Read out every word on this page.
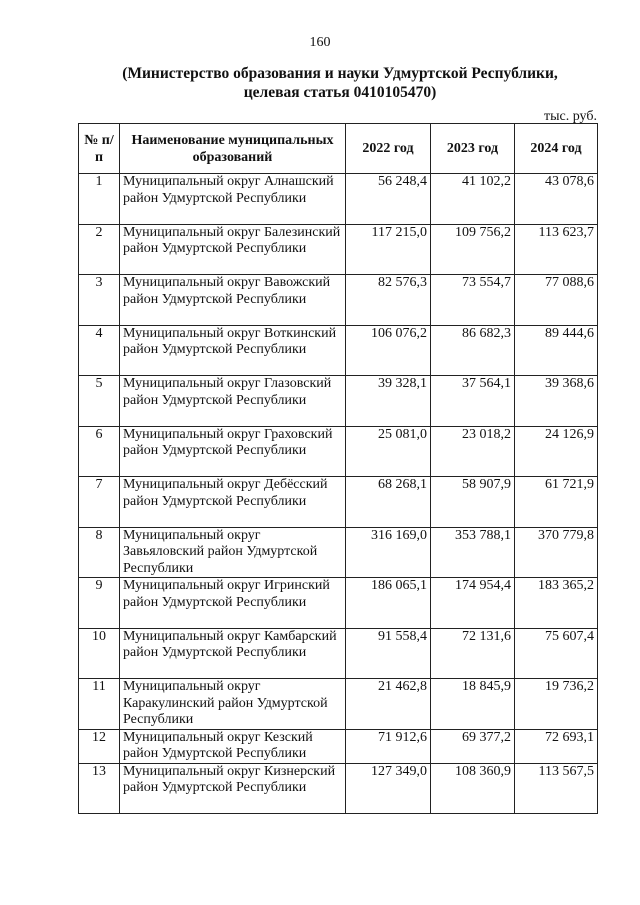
160
(Министерство образования и науки Удмуртской Республики,
целевая статья 0410105470)
тыс. руб.
№ п/п	Наименование муниципальных образований	2022 год	2023 год	2024 год
1	Муниципальный округ Алнашский район Удмуртской Республики	56 248,4	41 102,2	43 078,6
2	Муниципальный округ Балезинский район Удмуртской Республики	117 215,0	109 756,2	113 623,7
3	Муниципальный округ Вавожский район Удмуртской Республики	82 576,3	73 554,7	77 088,6
4	Муниципальный округ Воткинский район Удмуртской Республики	106 076,2	86 682,3	89 444,6
5	Муниципальный округ Глазовский район Удмуртской Республики	39 328,1	37 564,1	39 368,6
6	Муниципальный округ Граховский район Удмуртской Республики	25 081,0	23 018,2	24 126,9
7	Муниципальный округ Дебёсский район Удмуртской Республики	68 268,1	58 907,9	61 721,9
8	Муниципальный округ Завьяловский район Удмуртской Республики	316 169,0	353 788,1	370 779,8
9	Муниципальный округ Игринский район Удмуртской Республики	186 065,1	174 954,4	183 365,2
10	Муниципальный округ Камбарский район Удмуртской Республики	91 558,4	72 131,6	75 607,4
11	Муниципальный округ Каракулинский район Удмуртской Республики	21 462,8	18 845,9	19 736,2
12	Муниципальный округ Кезский район Удмуртской Республики	71 912,6	69 377,2	72 693,1
13	Муниципальный округ Кизнерский район Удмуртской Республики	127 349,0	108 360,9	113 567,5
